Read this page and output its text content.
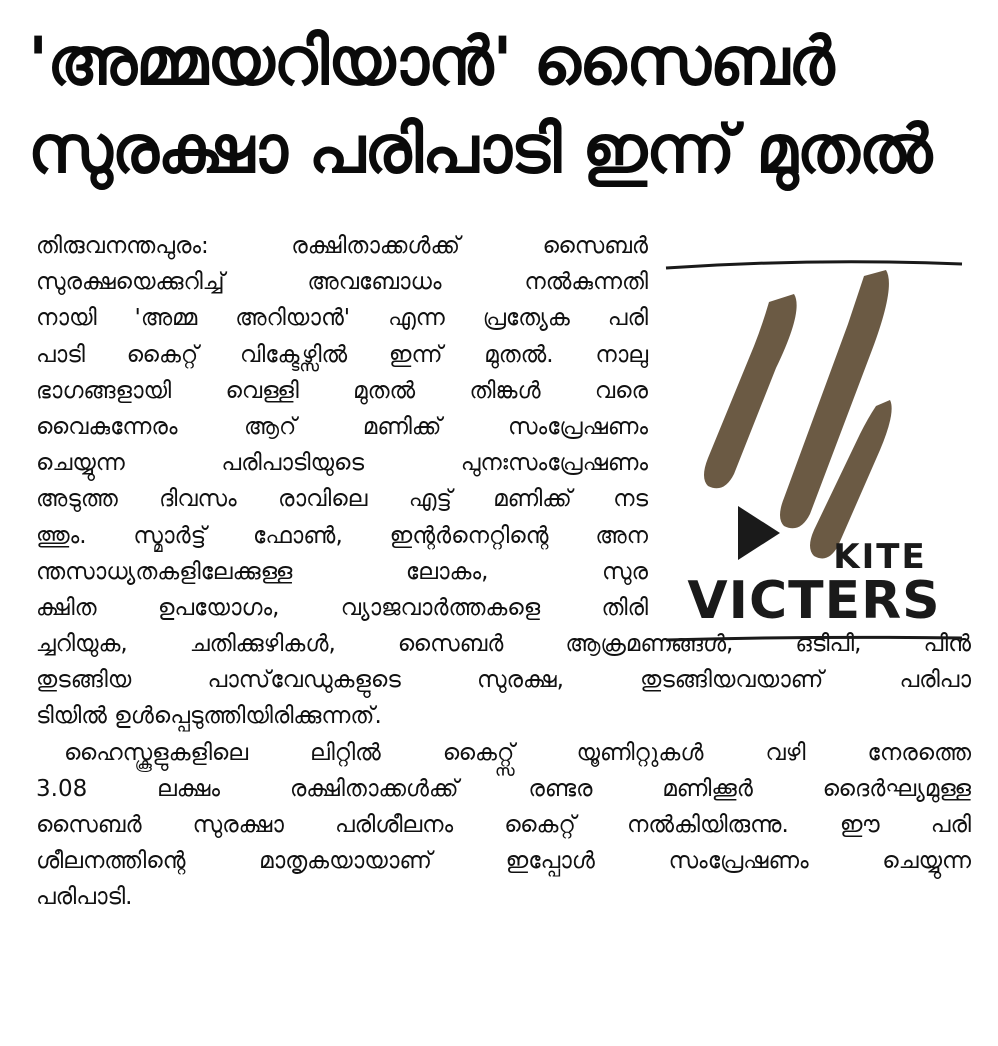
'അമ്മയറിയാൻ' സൈബർ
സുരക്ഷാ പരിപാടി ഇന്ന് മുതൽ
തിരുവനന്തപുരം: രക്ഷിതാക്കൾക്ക് സൈബർ
സുരക്ഷയെക്കുറിച്ച് അവബോധം നൽകുന്നതി
നായി 'അമ്മ അറിയാൻ' എന്ന പ്രത്യേക പരി
പാടി കൈറ്റ് വിക്ടേഴ്സിൽ ഇന്ന് മുതൽ. നാലു
ഭാഗങ്ങളായി വെള്ളി മുതൽ തിങ്കൾ വരെ
വൈകുന്നേരം ആറ് മണിക്ക് സംപ്രേഷണം
ചെയ്യുന്ന പരിപാടിയുടെ പുനഃസംപ്രേഷണം
അടുത്ത ദിവസം രാവിലെ എട്ട് മണിക്ക് നട
ത്തും. സ്മാർട്ട് ഫോൺ, ഇന്റർനെറ്റിന്റെ അന
ന്തസാധ്യതകളിലേക്കുള്ള ലോകം, സുര
ക്ഷിത ഉപയോഗം, വ്യാജവാർത്തകളെ തിരി
ച്ചറിയുക, ചതിക്കുഴികൾ, സൈബർ ആക്രമണങ്ങൾ, ഒടിപി, പിൻ
തുടങ്ങിയ പാസ്‌വേഡുകളുടെ സുരക്ഷ, തുടങ്ങിയവയാണ് പരിപാ
ടിയിൽ ഉൾപ്പെടുത്തിയിരിക്കുന്നത്.
ഹൈസ്കൂളുകളിലെ ലിറ്റിൽ കൈറ്റ്സ് യൂണിറ്റുകൾ വഴി നേരത്തെ
3.08 ലക്ഷം രക്ഷിതാക്കൾക്ക് രണ്ടര മണിക്കൂർ ദൈർഘ്യമുള്ള
സൈബർ സുരക്ഷാ പരിശീലനം കൈറ്റ് നൽകിയിരുന്നു. ഈ പരി
ശീലനത്തിന്റെ മാതൃകയായാണ് ഇപ്പോൾ സംപ്രേഷണം ചെയ്യുന്ന
പരിപാടി.
KITE
VICTERS
